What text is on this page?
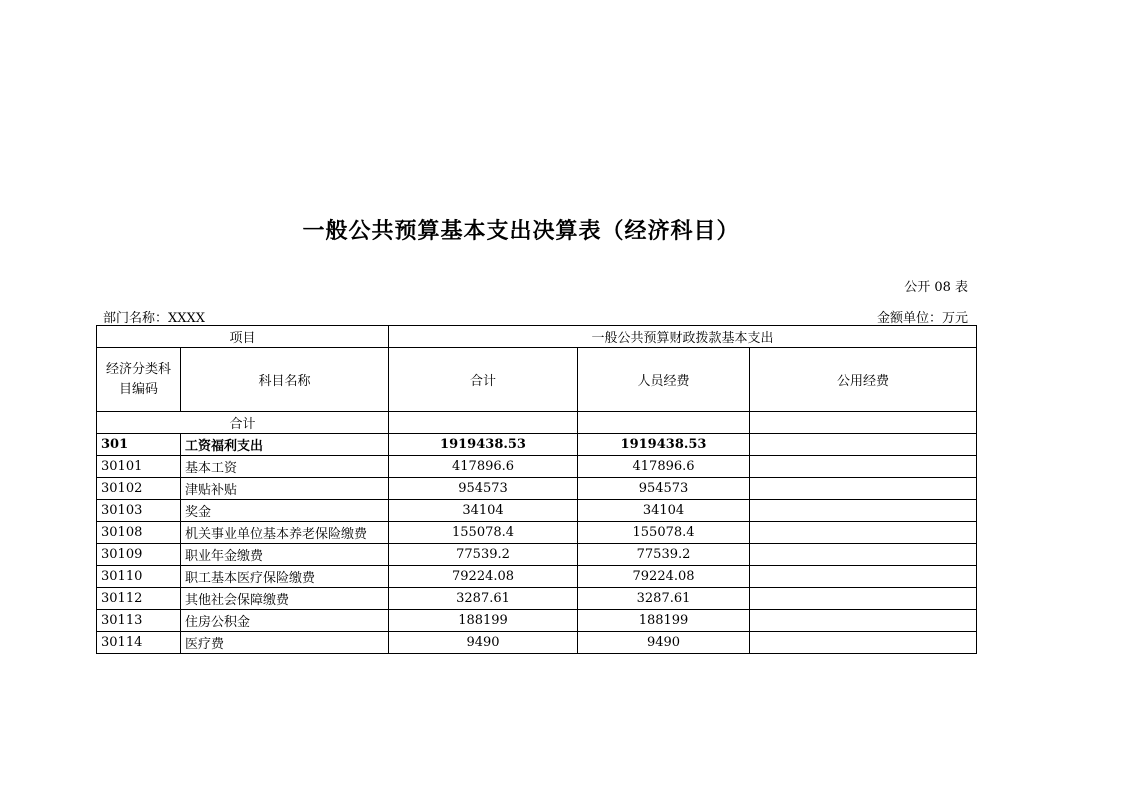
一般公共预算基本支出决算表（经济科目）
公开 08 表
部门名称：XXXX	金额单位：万元
项目		一般公共预算财政拨款基本支出		
经济分类科目编码	科目名称	合计	人员经费	公用经费
合计				
301	工资福利支出	1919438.53	1919438.53	
30101	基本工资	417896.6	417896.6	
30102	津贴补贴	954573	954573	
30103	奖金	34104	34104	
30108	机关事业单位基本养老保险缴费	155078.4	155078.4	
30109	职业年金缴费	77539.2	77539.2	
30110	职工基本医疗保险缴费	79224.08	79224.08	
30112	其他社会保障缴费	3287.61	3287.61	
30113	住房公积金	188199	188199	
30114	医疗费	9490	9490	
